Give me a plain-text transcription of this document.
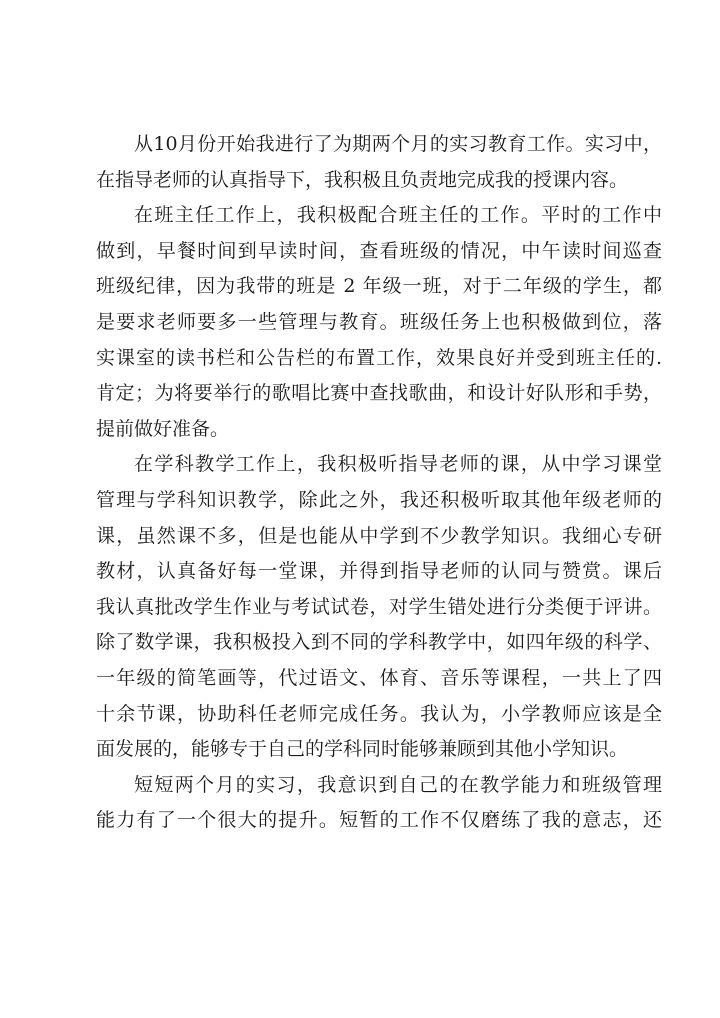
从10月份开始我进行了为期两个月的实习教育工作。实习中，
在指导老师的认真指导下，我积极且负责地完成我的授课内容。
在班主任工作上，我积极配合班主任的工作。平时的工作中
做到，早餐时间到早读时间，查看班级的情况，中午读时间巡查
班级纪律，因为我带的班是 2 年级一班，对于二年级的学生，都
是要求老师要多一些管理与教育。班级任务上也积极做到位，落
实课室的读书栏和公告栏的布置工作，效果良好并受到班主任的.
肯定；为将要举行的歌唱比赛中查找歌曲，和设计好队形和手势，
提前做好准备。
在学科教学工作上，我积极听指导老师的课，从中学习课堂
管理与学科知识教学，除此之外，我还积极听取其他年级老师的
课，虽然课不多，但是也能从中学到不少教学知识。我细心专研
教材，认真备好每一堂课，并得到指导老师的认同与赞赏。课后
我认真批改学生作业与考试试卷，对学生错处进行分类便于评讲。
除了数学课，我积极投入到不同的学科教学中，如四年级的科学、
一年级的简笔画等，代过语文、体育、音乐等课程，一共上了四
十余节课，协助科任老师完成任务。我认为，小学教师应该是全
面发展的，能够专于自己的学科同时能够兼顾到其他小学知识。
短短两个月的实习，我意识到自己的在教学能力和班级管理
能力有了一个很大的提升。短暂的工作不仅磨练了我的意志，还
